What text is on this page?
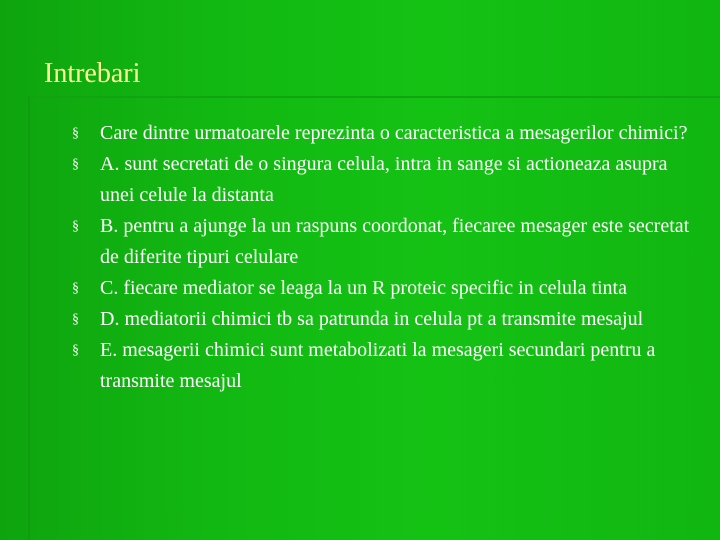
Intrebari
§ Care dintre urmatoarele reprezinta o caracteristica a mesagerilor chimici?
§ A. sunt secretati de o singura celula, intra in sange si actioneaza asupra unei celule la distanta
§ B. pentru a ajunge la un raspuns coordonat, fiecaree mesager este secretat de diferite tipuri celulare
§ C. fiecare mediator se leaga la un R proteic specific in celula tinta
§ D. mediatorii chimici tb sa patrunda in celula pt a transmite mesajul
§ E. mesagerii chimici sunt metabolizati la mesageri secundari pentru a transmite mesajul
